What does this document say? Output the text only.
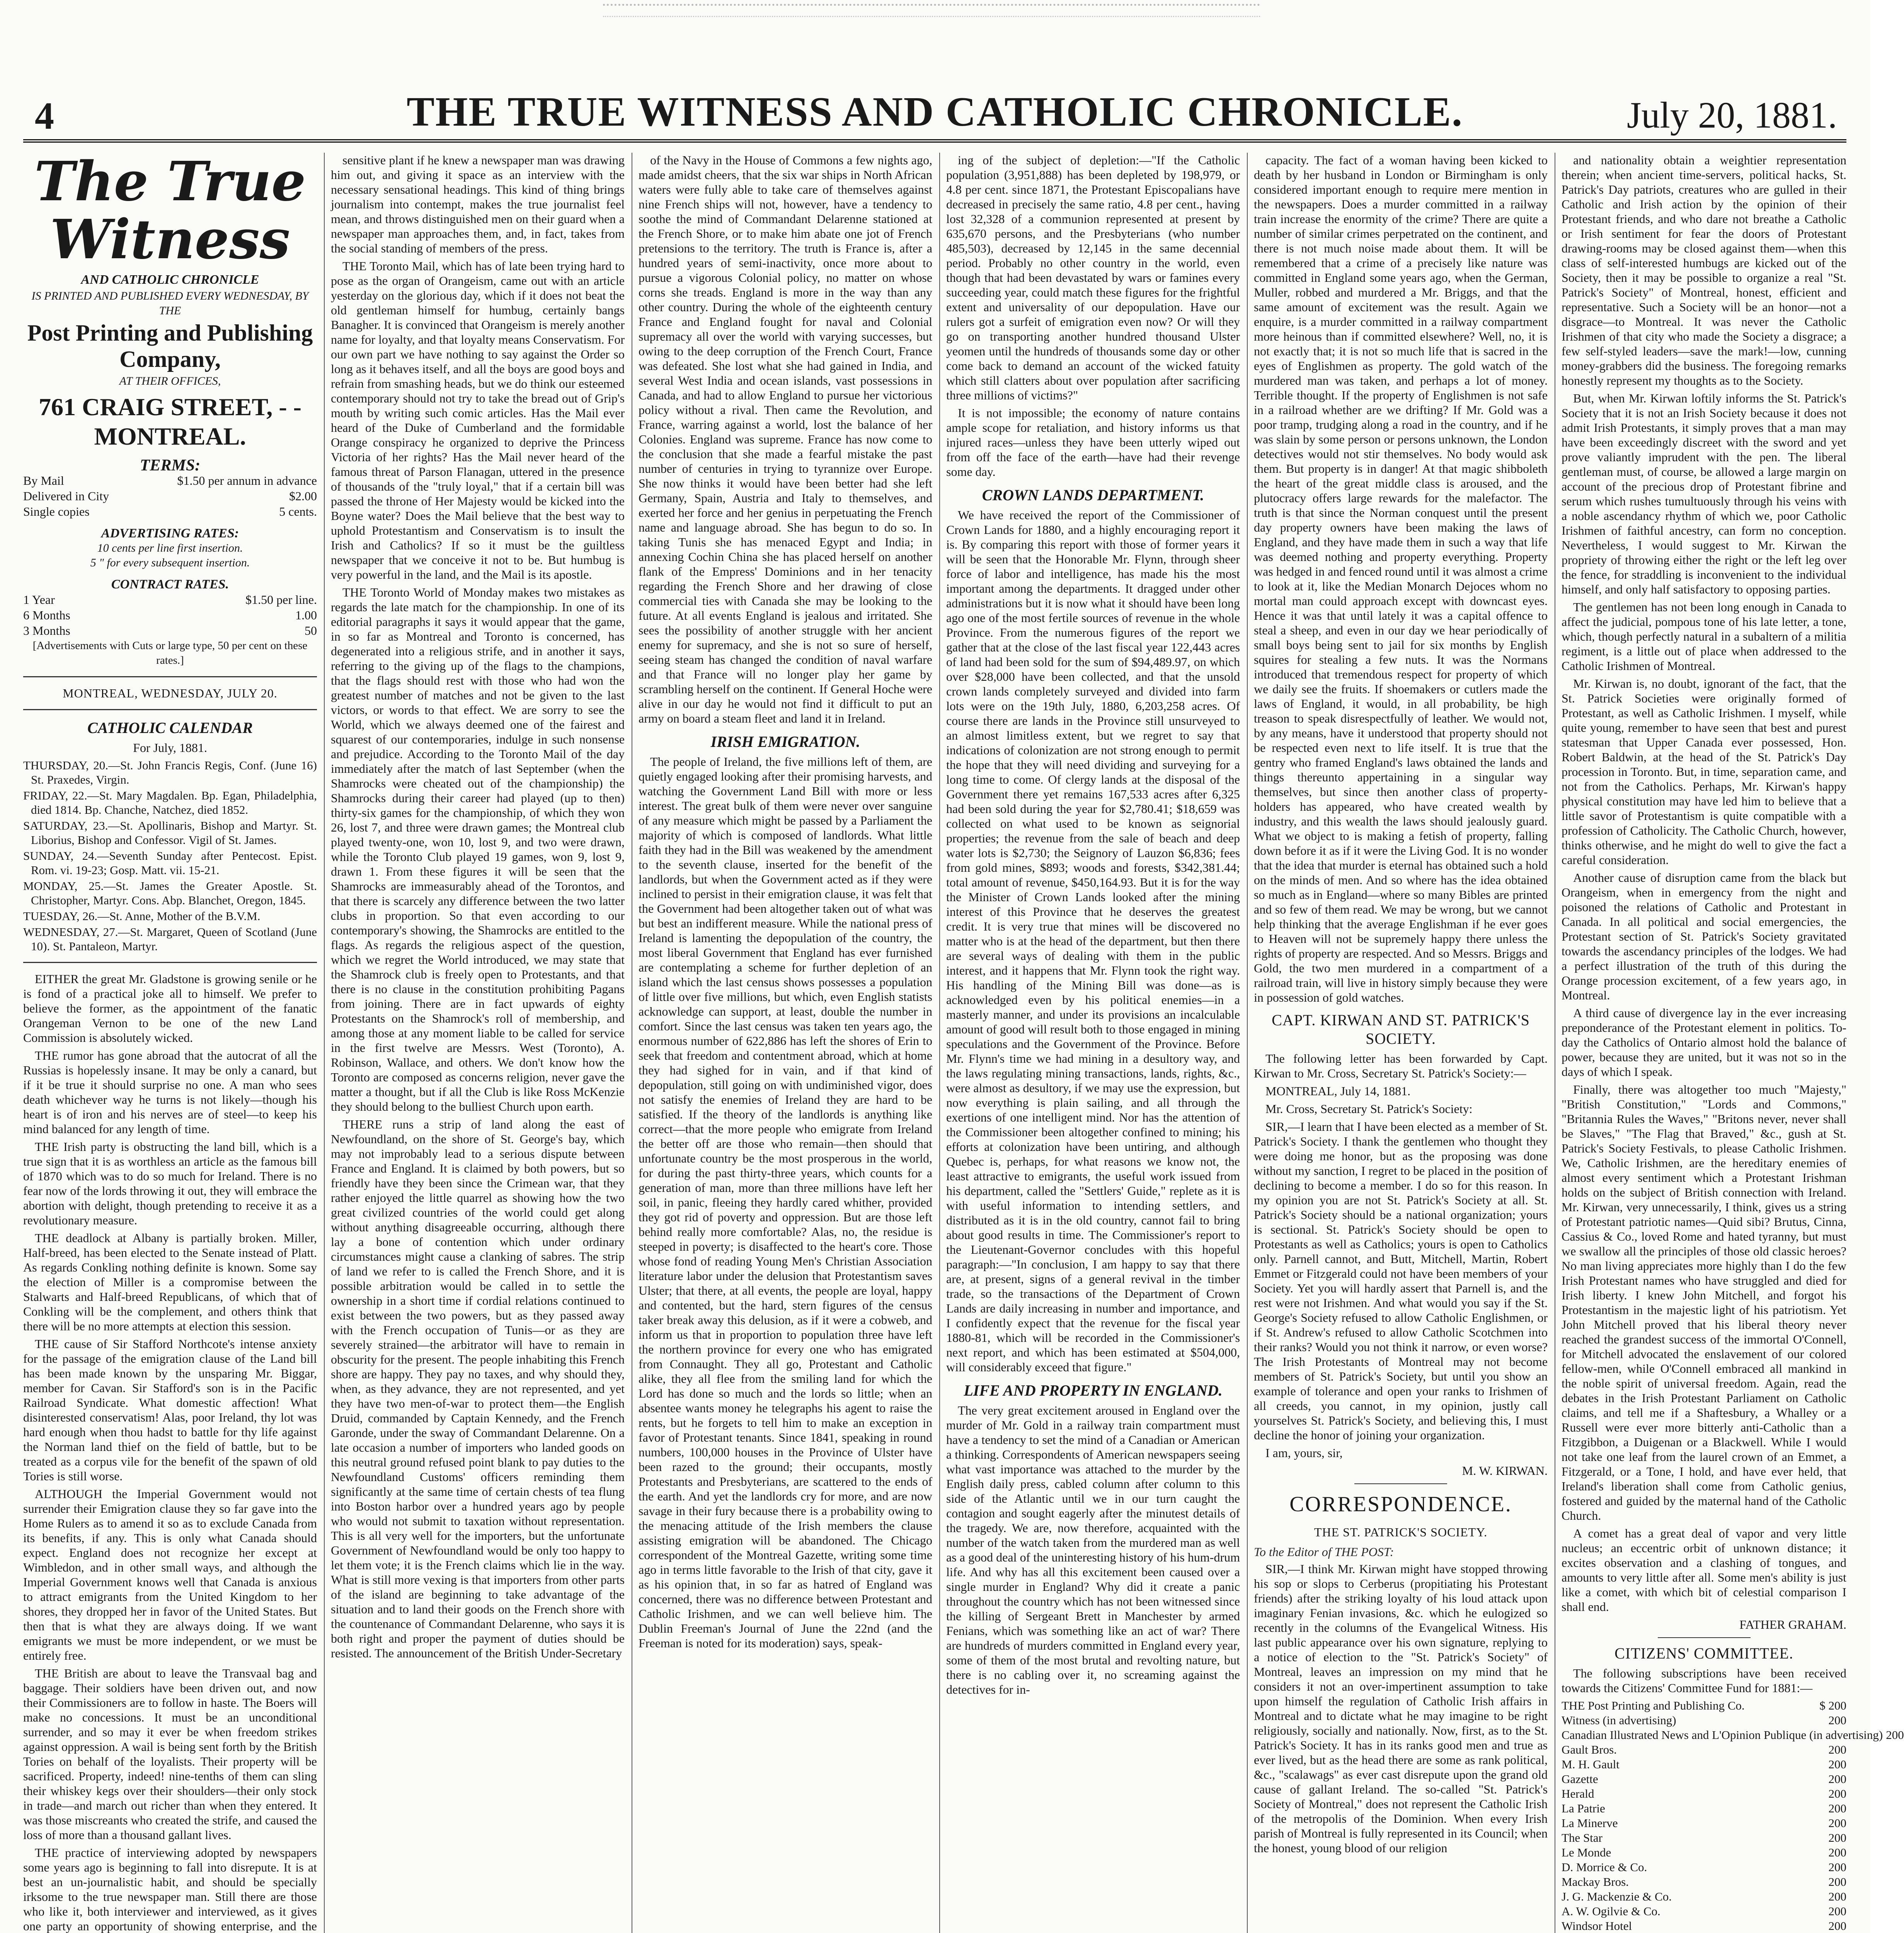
4	THE TRUE WITNESS AND CATHOLIC CHRONICLE.	July 20, 1881.
The True Witness
AND CATHOLIC CHRONICLE
IS PRINTED AND PUBLISHED EVERY WEDNESDAY, BY THE
Post Printing and Publishing Company,
AT THEIR OFFICES,
761 CRAIG STREET, - - MONTREAL.
TERMS:
By Mail	$1.50 per annum in advance
Delivered in City	$2.00
Single copies	5 cents.
ADVERTISING RATES:
10 cents per line first insertion.
5 " for every subsequent insertion.
CONTRACT RATES.
1 Year	$1.50 per line.
6 Months	1.00
3 Months	50
[Advertisements with Cuts or large type, 50 per cent on these rates.]
MONTREAL, WEDNESDAY, JULY 20.
CATHOLIC CALENDAR
For July, 1881.
THURSDAY, 20.—St. John Francis Regis, Conf. (June 16) St. Praxedes, Virgin.
FRIDAY, 22.—St. Mary Magdalen. Bp. Egan, Philadelphia, died 1814. Bp. Chanche, Natchez, died 1852.
SATURDAY, 23.—St. Apollinaris, Bishop and Martyr. St. Liborius, Bishop and Confessor. Vigil of St. James.
SUNDAY, 24.—Seventh Sunday after Pentecost. Epist. Rom. vi. 19-23; Gosp. Matt. vii. 15-21.
MONDAY, 25.—St. James the Greater Apostle. St. Christopher, Martyr. Cons. Abp. Blanchet, Oregon, 1845.
TUESDAY, 26.—St. Anne, Mother of the B.V.M.
WEDNESDAY, 27.—St. Margaret, Queen of Scotland (June 10). St. Pantaleon, Martyr.

EITHER the great Mr. Gladstone is growing senile or he is fond of a practical joke all to himself. We prefer to believe the former, as the appointment of the fanatic Orangeman Vernon to be one of the new Land Commission is absolutely wicked.

THE rumor has gone abroad that the autocrat of all the Russias is hopelessly insane. It may be only a canard, but if it be true it should surprise no one. A man who sees death whichever way he turns is not likely—though his heart is of iron and his nerves are of steel—to keep his mind balanced for any length of time.

THE Irish party is obstructing the land bill, which is a true sign that it is as worthless an article as the famous bill of 1870 which was to do so much for Ireland. There is no fear now of the lords throwing it out, they will embrace the abortion with delight, though pretending to receive it as a revolutionary measure.

THE deadlock at Albany is partially broken. Miller, Half-breed, has been elected to the Senate instead of Platt. As regards Conkling nothing definite is known. Some say the election of Miller is a compromise between the Stalwarts and Half-breed Republicans, of which that of Conkling will be the complement, and others think that there will be no more attempts at election this session.

THE cause of Sir Stafford Northcote's intense anxiety for the passage of the emigration clause of the Land bill has been made known by the unsparing Mr. Biggar, member for Cavan. Sir Stafford's son is in the Pacific Railroad Syndicate. What domestic affection! What disinterested conservatism! Alas, poor Ireland, thy lot was hard enough when thou hadst to battle for thy life against the Norman land thief on the field of battle, but to be treated as a corpus vile for the benefit of the spawn of old Tories is still worse.

ALTHOUGH the Imperial Government would not surrender their Emigration clause they so far gave into the Home Rulers as to amend it so as to exclude Canada from its benefits, if any. This is only what Canada should expect. England does not recognize her except at Wimbledon, and in other small ways, and although the Imperial Government knows well that Canada is anxious to attract emigrants from the United Kingdom to her shores, they dropped her in favor of the United States. But then that is what they are always doing. If we want emigrants we must be more independent, or we must be entirely free.

THE British are about to leave the Transvaal bag and baggage. Their soldiers have been driven out, and now their Commissioners are to follow in haste. The Boers will make no concessions. It must be an unconditional surrender, and so may it ever be when freedom strikes against oppression. A wail is being sent forth by the British Tories on behalf of the loyalists. Their property will be sacrificed. Property, indeed! nine-tenths of them can sling their whiskey kegs over their shoulders—their only stock in trade—and march out richer than when they entered. It was those miscreants who created the strife, and caused the loss of more than a thousand gallant lives.

THE practice of interviewing adopted by newspapers some years ago is beginning to fall into disrepute. It is at best an un-journalistic habit, and should be specially irksome to the true newspaper man. Still there are those who like it, both interviewer and interviewed, as it gives one party an opportunity of showing enterprise, and the

sensitive plant if he knew a newspaper man was drawing him out, and giving it space as an interview with the necessary sensational headings. This kind of thing brings journalism into contempt, makes the true journalist feel mean, and throws distinguished men on their guard when a newspaper man approaches them, and, in fact, takes from the social standing of members of the press.

THE Toronto Mail, which has of late been trying hard to pose as the organ of Orangeism, came out with an article yesterday on the glorious day, which if it does not beat the old gentleman himself for humbug, certainly bangs Banagher. It is convinced that Orangeism is merely another name for loyalty, and that loyalty means Conservatism. For our own part we have nothing to say against the Order so long as it behaves itself, and all the boys are good boys and refrain from smashing heads, but we do think our esteemed contemporary should not try to take the bread out of Grip's mouth by writing such comic articles. Has the Mail ever heard of the Duke of Cumberland and the formidable Orange conspiracy he organized to deprive the Princess Victoria of her rights? Has the Mail never heard of the famous threat of Parson Flanagan, uttered in the presence of thousands of the "truly loyal," that if a certain bill was passed the throne of Her Majesty would be kicked into the Boyne water? Does the Mail believe that the best way to uphold Protestantism and Conservatism is to insult the Irish and Catholics? If so it must be the guiltless newspaper that we conceive it not to be. But humbug is very powerful in the land, and the Mail is its apostle.

THE Toronto World of Monday makes two mistakes as regards the late match for the championship. In one of its editorial paragraphs it says it would appear that the game, in so far as Montreal and Toronto is concerned, has degenerated into a religious strife, and in another it says, referring to the giving up of the flags to the champions, that the flags should rest with those who had won the greatest number of matches and not be given to the last victors, or words to that effect. We are sorry to see the World, which we always deemed one of the fairest and squarest of our contemporaries, indulge in such nonsense and prejudice. According to the Toronto Mail of the day immediately after the match of last September (when the Shamrocks were cheated out of the championship) the Shamrocks during their career had played (up to then) thirty-six games for the championship, of which they won 26, lost 7, and three were drawn games; the Montreal club played twenty-one, won 10, lost 9, and two were drawn, while the Toronto Club played 19 games, won 9, lost 9, drawn 1. From these figures it will be seen that the Shamrocks are immeasurably ahead of the Torontos, and that there is scarcely any difference between the two latter clubs in proportion. So that even according to our contemporary's showing, the Shamrocks are entitled to the flags. As regards the religious aspect of the question, which we regret the World introduced, we may state that the Shamrock club is freely open to Protestants, and that there is no clause in the constitution prohibiting Pagans from joining. There are in fact upwards of eighty Protestants on the Shamrock's roll of membership, and among those at any moment liable to be called for service in the first twelve are Messrs. West (Toronto), A. Robinson, Wallace, and others. We don't know how the Toronto are composed as concerns religion, never gave the matter a thought, but if all the Club is like Ross McKenzie they should belong to the bulliest Church upon earth.

THERE runs a strip of land along the east of Newfoundland, on the shore of St. George's bay, which may not improbably lead to a serious dispute between France and England. It is claimed by both powers, but so friendly have they been since the Crimean war, that they rather enjoyed the little quarrel as showing how the two great civilized countries of the world could get along without anything disagreeable occurring, although there lay a bone of contention which under ordinary circumstances might cause a clanking of sabres. The strip of land we refer to is called the French Shore, and it is possible arbitration would be called in to settle the ownership in a short time if cordial relations continued to exist between the two powers, but as they passed away with the French occupation of Tunis—or as they are severely strained—the arbitrator will have to remain in obscurity for the present. The people inhabiting this French shore are happy. They pay no taxes, and why should they, when, as they advance, they are not represented, and yet they have two men-of-war to protect them—the English Druid, commanded by Captain Kennedy, and the French Garonde, under the sway of Commandant Delarenne. On a late occasion a number of importers who landed goods on this neutral ground refused point blank to pay duties to the Newfoundland Customs' officers reminding them significantly at the same time of certain chests of tea flung into Boston harbor over a hundred years ago by people who would not submit to taxation without representation. This is all very well for the importers, but the unfortunate Government of Newfoundland would be only too happy to let them vote; it is the French claims which lie in the way. What is still more vexing is that importers from other parts of the island are beginning to take advantage of the situation and to land their goods on the French shore with the countenance of Commandant Delarenne, who says it is both right and proper the payment of duties should be resisted. The announcement of the British Under-Secretary

of the Navy in the House of Commons a few nights ago, made amidst cheers, that the six war ships in North African waters were fully able to take care of themselves against nine French ships will not, however, have a tendency to soothe the mind of Commandant Delarenne stationed at the French Shore, or to make him abate one jot of French pretensions to the territory. The truth is France is, after a hundred years of semi-inactivity, once more about to pursue a vigorous Colonial policy, no matter on whose corns she treads. England is more in the way than any other country. During the whole of the eighteenth century France and England fought for naval and Colonial supremacy all over the world with varying successes, but owing to the deep corruption of the French Court, France was defeated. She lost what she had gained in India, and several West India and ocean islands, vast possessions in Canada, and had to allow England to pursue her victorious policy without a rival. Then came the Revolution, and France, warring against a world, lost the balance of her Colonies. England was supreme. France has now come to the conclusion that she made a fearful mistake the past number of centuries in trying to tyrannize over Europe. She now thinks it would have been better had she left Germany, Spain, Austria and Italy to themselves, and exerted her force and her genius in perpetuating the French name and language abroad. She has begun to do so. In taking Tunis she has menaced Egypt and India; in annexing Cochin China she has placed herself on another flank of the Empress' Dominions and in her tenacity regarding the French Shore and her drawing of close commercial ties with Canada she may be looking to the future. At all events England is jealous and irritated. She sees the possibility of another struggle with her ancient enemy for supremacy, and she is not so sure of herself, seeing steam has changed the condition of naval warfare and that France will no longer play her game by scrambling herself on the continent. If General Hoche were alive in our day he would not find it difficult to put an army on board a steam fleet and land it in Ireland.

IRISH EMIGRATION.

The people of Ireland, the five millions left of them, are quietly engaged looking after their promising harvests, and watching the Government Land Bill with more or less interest. The great bulk of them were never over sanguine of any measure which might be passed by a Parliament the majority of which is composed of landlords. What little faith they had in the Bill was weakened by the amendment to the seventh clause, inserted for the benefit of the landlords, but when the Government acted as if they were inclined to persist in their emigration clause, it was felt that the Government had been altogether taken out of what was but best an indifferent measure. While the national press of Ireland is lamenting the depopulation of the country, the most liberal Government that England has ever furnished are contemplating a scheme for further depletion of an island which the last census shows possesses a population of little over five millions, but which, even English statists acknowledge can support, at least, double the number in comfort. Since the last census was taken ten years ago, the enormous number of 622,886 has left the shores of Erin to seek that freedom and contentment abroad, which at home they had sighed for in vain, and if that kind of depopulation, still going on with undiminished vigor, does not satisfy the enemies of Ireland they are hard to be satisfied. If the theory of the landlords is anything like correct—that the more people who emigrate from Ireland the better off are those who remain—then should that unfortunate country be the most prosperous in the world, for during the past thirty-three years, which counts for a generation of man, more than three millions have left her soil, in panic, fleeing they hardly cared whither, provided they got rid of poverty and oppression. But are those left behind really more comfortable? Alas, no, the residue is steeped in poverty; is disaffected to the heart's core. Those whose fond of reading Young Men's Christian Association literature labor under the delusion that Protestantism saves Ulster; that there, at all events, the people are loyal, happy and contented, but the hard, stern figures of the census taker break away this delusion, as if it were a cobweb, and inform us that in proportion to population three have left the northern province for every one who has emigrated from Connaught. They all go, Protestant and Catholic alike, they all flee from the smiling land for which the Lord has done so much and the lords so little; when an absentee wants money he telegraphs his agent to raise the rents, but he forgets to tell him to make an exception in favor of Protestant tenants. Since 1841, speaking in round numbers, 100,000 houses in the Province of Ulster have been razed to the ground; their occupants, mostly Protestants and Presbyterians, are scattered to the ends of the earth. And yet the landlords cry for more, and are now savage in their fury because there is a probability owing to the menacing attitude of the Irish members the clause assisting emigration will be abandoned. The Chicago correspondent of the Montreal Gazette, writing some time ago in terms little favorable to the Irish of that city, gave it as his opinion that, in so far as hatred of England was concerned, there was no difference between Protestant and Catholic Irishmen, and we can well believe him. The Dublin Freeman's Journal of June the 22nd (and the Freeman is noted for its moderation) says, speak-

ing of the subject of depletion:—"If the Catholic population (3,951,888) has been depleted by 198,979, or 4.8 per cent. since 1871, the Protestant Episcopalians have decreased in precisely the same ratio, 4.8 per cent., having lost 32,328 of a communion represented at present by 635,670 persons, and the Presbyterians (who number 485,503), decreased by 12,145 in the same decennial period. Probably no other country in the world, even though that had been devastated by wars or famines every succeeding year, could match these figures for the frightful extent and universality of our depopulation. Have our rulers got a surfeit of emigration even now? Or will they go on transporting another hundred thousand Ulster yeomen until the hundreds of thousands some day or other come back to demand an account of the wicked fatuity which still clatters about over population after sacrificing three millions of victims?"

It is not impossible; the economy of nature contains ample scope for retaliation, and history informs us that injured races—unless they have been utterly wiped out from off the face of the earth—have had their revenge some day.

CROWN LANDS DEPARTMENT.

We have received the report of the Commissioner of Crown Lands for 1880, and a highly encouraging report it is. By comparing this report with those of former years it will be seen that the Honorable Mr. Flynn, through sheer force of labor and intelligence, has made his the most important among the departments. It dragged under other administrations but it is now what it should have been long ago one of the most fertile sources of revenue in the whole Province. From the numerous figures of the report we gather that at the close of the last fiscal year 122,443 acres of land had been sold for the sum of $94,489.97, on which over $28,000 have been collected, and that the unsold crown lands completely surveyed and divided into farm lots were on the 19th July, 1880, 6,203,258 acres. Of course there are lands in the Province still unsurveyed to an almost limitless extent, but we regret to say that indications of colonization are not strong enough to permit the hope that they will need dividing and surveying for a long time to come. Of clergy lands at the disposal of the Government there yet remains 167,533 acres after 6,325 had been sold during the year for $2,780.41; $18,659 was collected on what used to be known as seignorial properties; the revenue from the sale of beach and deep water lots is $2,730; the Seignory of Lauzon $6,836; fees from gold mines, $893; woods and forests, $342,381.44; total amount of revenue, $450,164.93. But it is for the way the Minister of Crown Lands looked after the mining interest of this Province that he deserves the greatest credit. It is very true that mines will be discovered no matter who is at the head of the department, but then there are several ways of dealing with them in the public interest, and it happens that Mr. Flynn took the right way. His handling of the Mining Bill was done—as is acknowledged even by his political enemies—in a masterly manner, and under its provisions an incalculable amount of good will result both to those engaged in mining speculations and the Government of the Province. Before Mr. Flynn's time we had mining in a desultory way, and the laws regulating mining transactions, lands, rights, &c., were almost as desultory, if we may use the expression, but now everything is plain sailing, and all through the exertions of one intelligent mind. Nor has the attention of the Commissioner been altogether confined to mining; his efforts at colonization have been untiring, and although Quebec is, perhaps, for what reasons we know not, the least attractive to emigrants, the useful work issued from his department, called the "Settlers' Guide," replete as it is with useful information to intending settlers, and distributed as it is in the old country, cannot fail to bring about good results in time. The Commissioner's report to the Lieutenant-Governor concludes with this hopeful paragraph:—"In conclusion, I am happy to say that there are, at present, signs of a general revival in the timber trade, so the transactions of the Department of Crown Lands are daily increasing in number and importance, and I confidently expect that the revenue for the fiscal year 1880-81, which will be recorded in the Commissioner's next report, and which has been estimated at $504,000, will considerably exceed that figure."

LIFE AND PROPERTY IN ENGLAND.

The very great excitement aroused in England over the murder of Mr. Gold in a railway train compartment must have a tendency to set the mind of a Canadian or American a thinking. Correspondents of American newspapers seeing what vast importance was attached to the murder by the English daily press, cabled column after column to this side of the Atlantic until we in our turn caught the contagion and sought eagerly after the minutest details of the tragedy. We are, now therefore, acquainted with the number of the watch taken from the murdered man as well as a good deal of the uninteresting history of his hum-drum life. And why has all this excitement been caused over a single murder in England? Why did it create a panic throughout the country which has not been witnessed since the killing of Sergeant Brett in Manchester by armed Fenians, which was something like an act of war? There are hundreds of murders committed in England every year, some of them of the most brutal and revolting nature, but there is no cabling over it, no screaming against the detectives for in-

capacity. The fact of a woman having been kicked to death by her husband in London or Birmingham is only considered important enough to require mere mention in the newspapers. Does a murder committed in a railway train increase the enormity of the crime? There are quite a number of similar crimes perpetrated on the continent, and there is not much noise made about them. It will be remembered that a crime of a precisely like nature was committed in England some years ago, when the German, Muller, robbed and murdered a Mr. Briggs, and that the same amount of excitement was the result. Again we enquire, is a murder committed in a railway compartment more heinous than if committed elsewhere? Well, no, it is not exactly that; it is not so much life that is sacred in the eyes of Englishmen as property. The gold watch of the murdered man was taken, and perhaps a lot of money. Terrible thought. If the property of Englishmen is not safe in a railroad whether are we drifting? If Mr. Gold was a poor tramp, trudging along a road in the country, and if he was slain by some person or persons unknown, the London detectives would not stir themselves. No body would ask them. But property is in danger! At that magic shibboleth the heart of the great middle class is aroused, and the plutocracy offers large rewards for the malefactor. The truth is that since the Norman conquest until the present day property owners have been making the laws of England, and they have made them in such a way that life was deemed nothing and property everything. Property was hedged in and fenced round until it was almost a crime to look at it, like the Median Monarch Dejoces whom no mortal man could approach except with downcast eyes. Hence it was that until lately it was a capital offence to steal a sheep, and even in our day we hear periodically of small boys being sent to jail for six months by English squires for stealing a few nuts. It was the Normans introduced that tremendous respect for property of which we daily see the fruits. If shoemakers or cutlers made the laws of England, it would, in all probability, be high treason to speak disrespectfully of leather. We would not, by any means, have it understood that property should not be respected even next to life itself. It is true that the gentry who framed England's laws obtained the lands and things thereunto appertaining in a singular way themselves, but since then another class of property-holders has appeared, who have created wealth by industry, and this wealth the laws should jealously guard. What we object to is making a fetish of property, falling down before it as if it were the Living God. It is no wonder that the idea that murder is eternal has obtained such a hold on the minds of men. And so where has the idea obtained so much as in England—where so many Bibles are printed and so few of them read. We may be wrong, but we cannot help thinking that the average Englishman if he ever goes to Heaven will not be supremely happy there unless the rights of property are respected. And so Messrs. Briggs and Gold, the two men murdered in a compartment of a railroad train, will live in history simply because they were in possession of gold watches.

CAPT. KIRWAN AND ST. PATRICK'S SOCIETY.

The following letter has been forwarded by Capt. Kirwan to Mr. Cross, Secretary St. Patrick's Society:—

MONTREAL, July 14, 1881.

Mr. Cross, Secretary St. Patrick's Society:

SIR,—I learn that I have been elected as a member of St. Patrick's Society. I thank the gentlemen who thought they were doing me honor, but as the proposing was done without my sanction, I regret to be placed in the position of declining to become a member. I do so for this reason. In my opinion you are not St. Patrick's Society at all. St. Patrick's Society should be a national organization; yours is sectional. St. Patrick's Society should be open to Protestants as well as Catholics; yours is open to Catholics only. Parnell cannot, and Butt, Mitchell, Martin, Robert Emmet or Fitzgerald could not have been members of your Society. Yet you will hardly assert that Parnell is, and the rest were not Irishmen. And what would you say if the St. George's Society refused to allow Catholic Englishmen, or if St. Andrew's refused to allow Catholic Scotchmen into their ranks? Would you not think it narrow, or even worse? The Irish Protestants of Montreal may not become members of St. Patrick's Society, but until you show an example of tolerance and open your ranks to Irishmen of all creeds, you cannot, in my opinion, justly call yourselves St. Patrick's Society, and believing this, I must decline the honor of joining your organization.

I am, yours, sir,

M. W. KIRWAN.
CORRESPONDENCE.
THE ST. PATRICK'S SOCIETY.
To the Editor of THE POST:

SIR,—I think Mr. Kirwan might have stopped throwing his sop or slops to Cerberus (propitiating his Protestant friends) after the striking loyalty of his loud attack upon imaginary Fenian invasions, &c. which he eulogized so recently in the columns of the Evangelical Witness. His last public appearance over his own signature, replying to a notice of election to the "St. Patrick's Society" of Montreal, leaves an impression on my mind that he considers it not an over-impertinent assumption to take upon himself the regulation of Catholic Irish affairs in Montreal and to dictate what he may imagine to be right religiously, socially and nationally. Now, first, as to the St. Patrick's Society. It has in its ranks good men and true as ever lived, but as the head there are some as rank political, &c., "scalawags" as ever cast disrepute upon the grand old cause of gallant Ireland. The so-called "St. Patrick's Society of Montreal," does not represent the Catholic Irish of the metropolis of the Dominion. When every Irish parish of Montreal is fully represented in its Council; when the honest, young blood of our religion

and nationality obtain a weightier representation therein; when ancient time-servers, political hacks, St. Patrick's Day patriots, creatures who are gulled in their Catholic and Irish action by the opinion of their Protestant friends, and who dare not breathe a Catholic or Irish sentiment for fear the doors of Protestant drawing-rooms may be closed against them—when this class of self-interested humbugs are kicked out of the Society, then it may be possible to organize a real "St. Patrick's Society" of Montreal, honest, efficient and representative. Such a Society will be an honor—not a disgrace—to Montreal. It was never the Catholic Irishmen of that city who made the Society a disgrace; a few self-styled leaders—save the mark!—low, cunning money-grabbers did the business. The foregoing remarks honestly represent my thoughts as to the Society.

But, when Mr. Kirwan loftily informs the St. Patrick's Society that it is not an Irish Society because it does not admit Irish Protestants, it simply proves that a man may have been exceedingly discreet with the sword and yet prove valiantly imprudent with the pen. The liberal gentleman must, of course, be allowed a large margin on account of the precious drop of Protestant fibrine and serum which rushes tumultuously through his veins with a noble ascendancy rhythm of which we, poor Catholic Irishmen of faithful ancestry, can form no conception. Nevertheless, I would suggest to Mr. Kirwan the propriety of throwing either the right or the left leg over the fence, for straddling is inconvenient to the individual himself, and only half satisfactory to opposing parties.

The gentlemen has not been long enough in Canada to affect the judicial, pompous tone of his late letter, a tone, which, though perfectly natural in a subaltern of a militia regiment, is a little out of place when addressed to the Catholic Irishmen of Montreal.

Mr. Kirwan is, no doubt, ignorant of the fact, that the St. Patrick Societies were originally formed of Protestant, as well as Catholic Irishmen. I myself, while quite young, remember to have seen that best and purest statesman that Upper Canada ever possessed, Hon. Robert Baldwin, at the head of the St. Patrick's Day procession in Toronto. But, in time, separation came, and not from the Catholics. Perhaps, Mr. Kirwan's happy physical constitution may have led him to believe that a little savor of Protestantism is quite compatible with a profession of Catholicity. The Catholic Church, however, thinks otherwise, and he might do well to give the fact a careful consideration.

Another cause of disruption came from the black but Orangeism, when in emergency from the night and poisoned the relations of Catholic and Protestant in Canada. In all political and social emergencies, the Protestant section of St. Patrick's Society gravitated towards the ascendancy principles of the lodges. We had a perfect illustration of the truth of this during the Orange procession excitement, of a few years ago, in Montreal.

A third cause of divergence lay in the ever increasing preponderance of the Protestant element in politics. To-day the Catholics of Ontario almost hold the balance of power, because they are united, but it was not so in the days of which I speak.

Finally, there was altogether too much "Majesty," "British Constitution," "Lords and Commons," "Britannia Rules the Waves," "Britons never, never shall be Slaves," "The Flag that Braved," &c., gush at St. Patrick's Society Festivals, to please Catholic Irishmen. We, Catholic Irishmen, are the hereditary enemies of almost every sentiment which a Protestant Irishman holds on the subject of British connection with Ireland. Mr. Kirwan, very unnecessarily, I think, gives us a string of Protestant patriotic names—Quid sibi? Brutus, Cinna, Cassius & Co., loved Rome and hated tyranny, but must we swallow all the principles of those old classic heroes? No man living appreciates more highly than I do the few Irish Protestant names who have struggled and died for Irish liberty. I knew John Mitchell, and forgot his Protestantism in the majestic light of his patriotism. Yet John Mitchell proved that his liberal theory never reached the grandest success of the immortal O'Connell, for Mitchell advocated the enslavement of our colored fellow-men, while O'Connell embraced all mankind in the noble spirit of universal freedom. Again, read the debates in the Irish Protestant Parliament on Catholic claims, and tell me if a Shaftesbury, a Whalley or a Russell were ever more bitterly anti-Catholic than a Fitzgibbon, a Duigenan or a Blackwell. While I would not take one leaf from the laurel crown of an Emmet, a Fitzgerald, or a Tone, I hold, and have ever held, that Ireland's liberation shall come from Catholic genius, fostered and guided by the maternal hand of the Catholic Church.

A comet has a great deal of vapor and very little nucleus; an eccentric orbit of unknown distance; it excites observation and a clashing of tongues, and amounts to very little after all. Some men's ability is just like a comet, with which bit of celestial comparison I shall end.

FATHER GRAHAM.
CITIZENS' COMMITTEE.

The following subscriptions have been received towards the Citizens' Committee Fund for 1881:—

THE Post Printing and Publishing Co.	$ 200
Witness (in advertising)	200
Canadian Illustrated News and L'Opinion Publique (in advertising) 200
Gault Bros.	200
M. H. Gault	200
Gazette	200
Herald	200
La Patrie	200
La Minerve	200
The Star	200
Le Monde	200
D. Morrice & Co.	200
Mackay Bros.	200
J. G. Mackenzie & Co.	200
A. W. Ogilvie & Co.	200
Windsor Hotel	200
